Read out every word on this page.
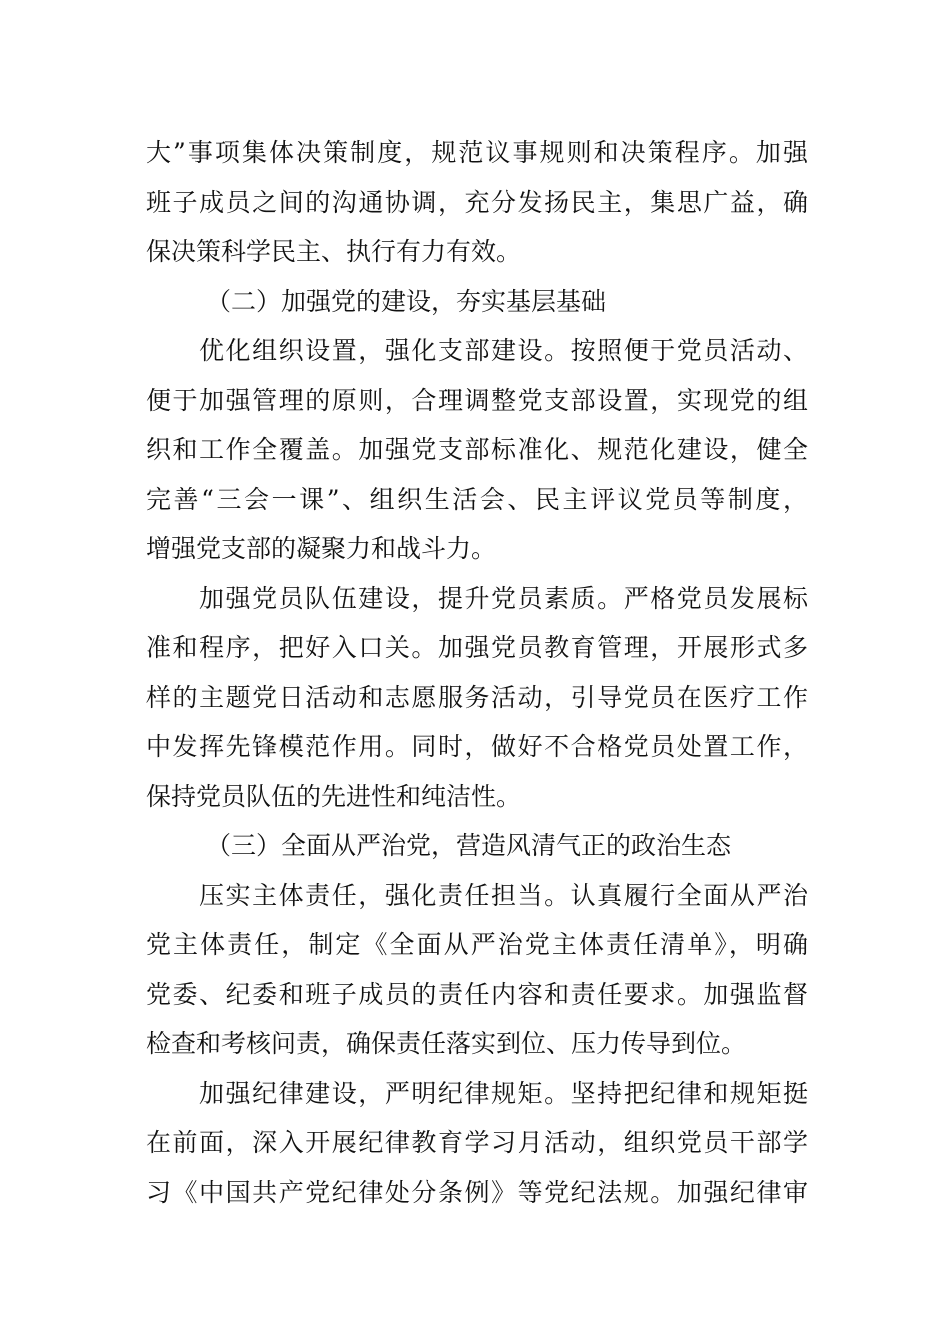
大”事项集体决策制度，规范议事规则和决策程序。加强
班子成员之间的沟通协调，充分发扬民主，集思广益，确
保决策科学民主、执行有力有效。
（二）加强党的建设，夯实基层基础
优化组织设置，强化支部建设。按照便于党员活动、
便于加强管理的原则，合理调整党支部设置，实现党的组
织和工作全覆盖。加强党支部标准化、规范化建设，健全
完善“三会一课”、组织生活会、民主评议党员等制度，
增强党支部的凝聚力和战斗力。
加强党员队伍建设，提升党员素质。严格党员发展标
准和程序，把好入口关。加强党员教育管理，开展形式多
样的主题党日活动和志愿服务活动，引导党员在医疗工作
中发挥先锋模范作用。同时，做好不合格党员处置工作，
保持党员队伍的先进性和纯洁性。
（三）全面从严治党，营造风清气正的政治生态
压实主体责任，强化责任担当。认真履行全面从严治
党主体责任，制定《全面从严治党主体责任清单》，明确
党委、纪委和班子成员的责任内容和责任要求。加强监督
检查和考核问责，确保责任落实到位、压力传导到位。
加强纪律建设，严明纪律规矩。坚持把纪律和规矩挺
在前面，深入开展纪律教育学习月活动，组织党员干部学
习《中国共产党纪律处分条例》等党纪法规。加强纪律审
